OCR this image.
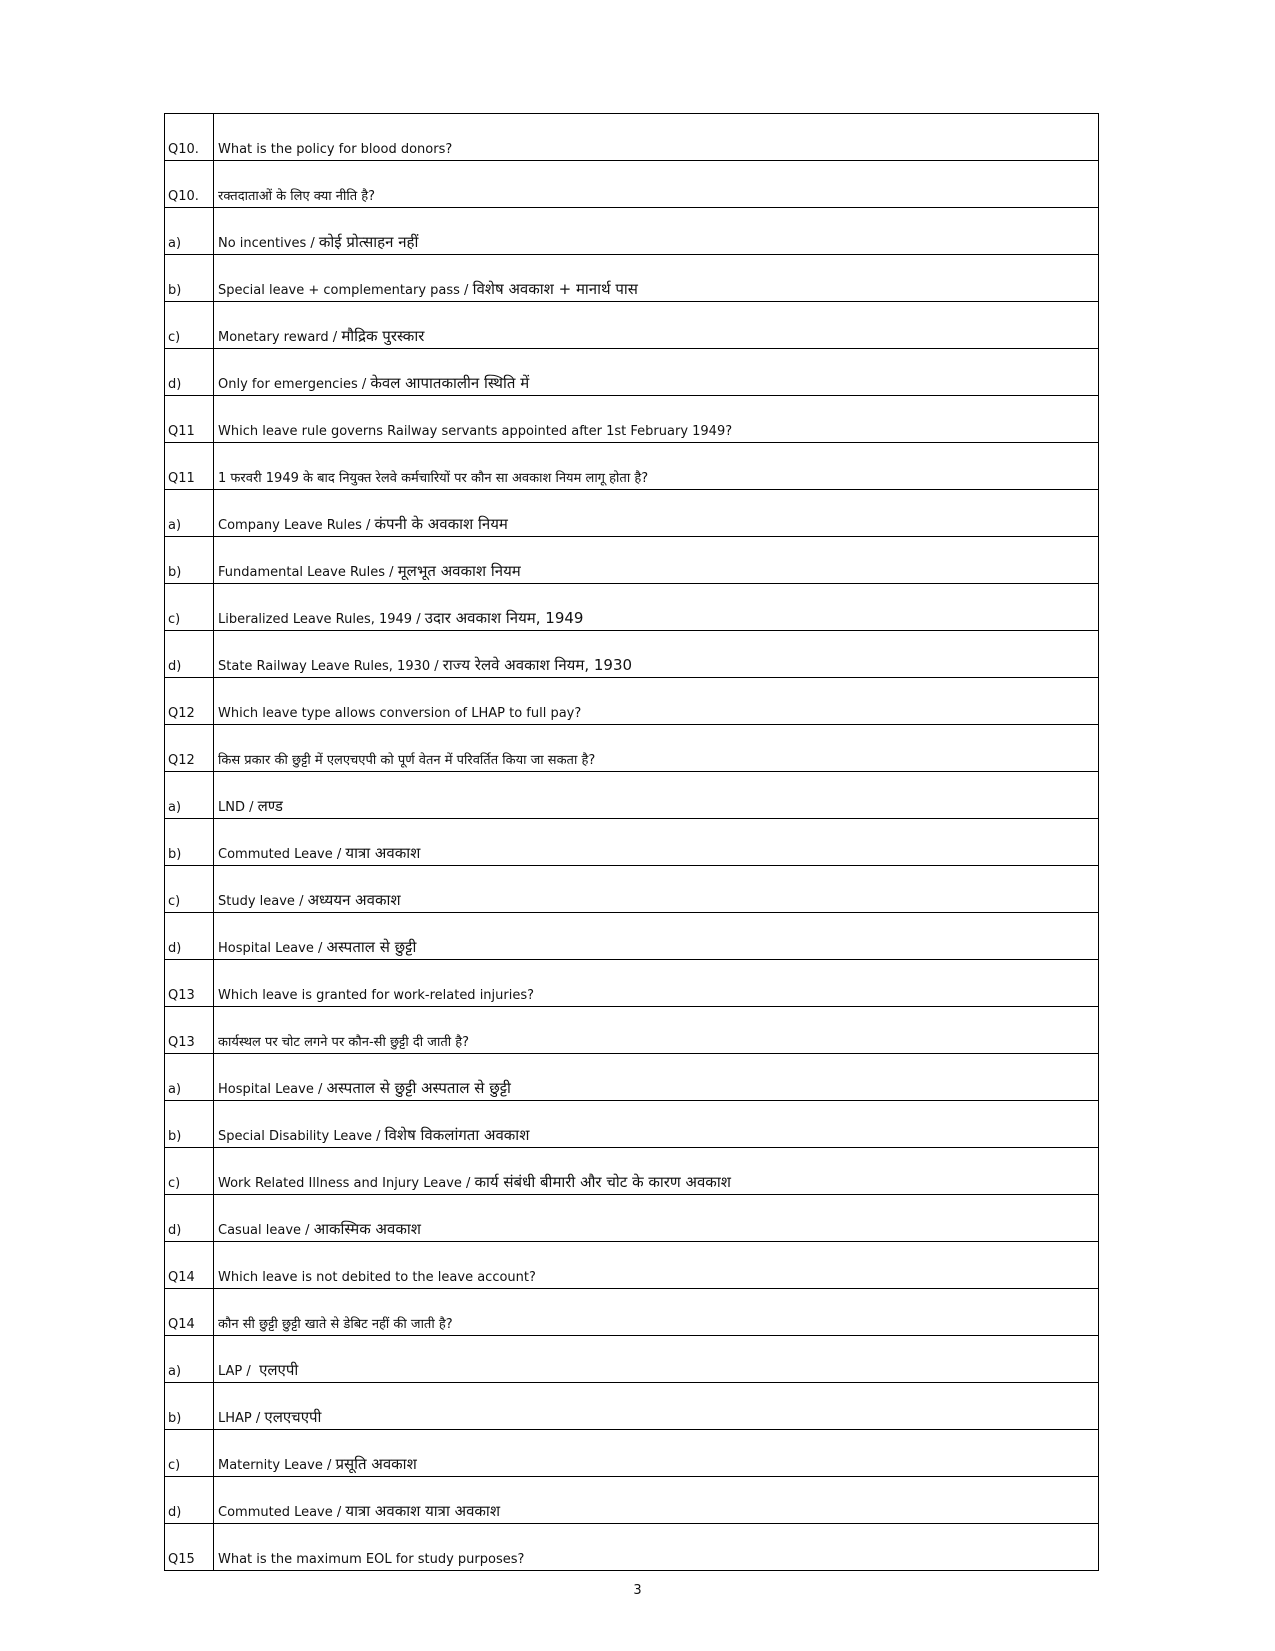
Q10.	What is the policy for blood donors?
Q10.	रक्तदाताओं के लिए क्या नीति है?
a)	No incentives / कोई प्रोत्साहन नहीं
b)	Special leave + complementary pass / विशेष अवकाश + मानार्थ पास
c)	Monetary reward / मौद्रिक पुरस्कार
d)	Only for emergencies / केवल आपातकालीन स्थिति में
Q11	Which leave rule governs Railway servants appointed after 1st February 1949?
Q11	1 फरवरी 1949 के बाद नियुक्त रेलवे कर्मचारियों पर कौन सा अवकाश नियम लागू होता है?
a)	Company Leave Rules / कंपनी के अवकाश नियम
b)	Fundamental Leave Rules / मूलभूत अवकाश नियम
c)	Liberalized Leave Rules, 1949 / उदार अवकाश नियम, 1949
d)	State Railway Leave Rules, 1930 / राज्य रेलवे अवकाश नियम, 1930
Q12	Which leave type allows conversion of LHAP to full pay?
Q12	किस प्रकार की छुट्टी में एलएचएपी को पूर्ण वेतन में परिवर्तित किया जा सकता है?
a)	LND / लण्ड
b)	Commuted Leave / यात्रा अवकाश
c)	Study leave / अध्ययन अवकाश
d)	Hospital Leave / अस्पताल से छुट्टी
Q13	Which leave is granted for work-related injuries?
Q13	कार्यस्थल पर चोट लगने पर कौन-सी छुट्टी दी जाती है?
a)	Hospital Leave / अस्पताल से छुट्टी अस्पताल से छुट्टी
b)	Special Disability Leave / विशेष विकलांगता अवकाश
c)	Work Related Illness and Injury Leave / कार्य संबंधी बीमारी और चोट के कारण अवकाश
d)	Casual leave / आकस्मिक अवकाश
Q14	Which leave is not debited to the leave account?
Q14	कौन सी छुट्टी छुट्टी खाते से डेबिट नहीं की जाती है?
a)	LAP /  एलएपी
b)	LHAP / एलएचएपी
c)	Maternity Leave / प्रसूति अवकाश
d)	Commuted Leave / यात्रा अवकाश यात्रा अवकाश
Q15	What is the maximum EOL for study purposes?
3
